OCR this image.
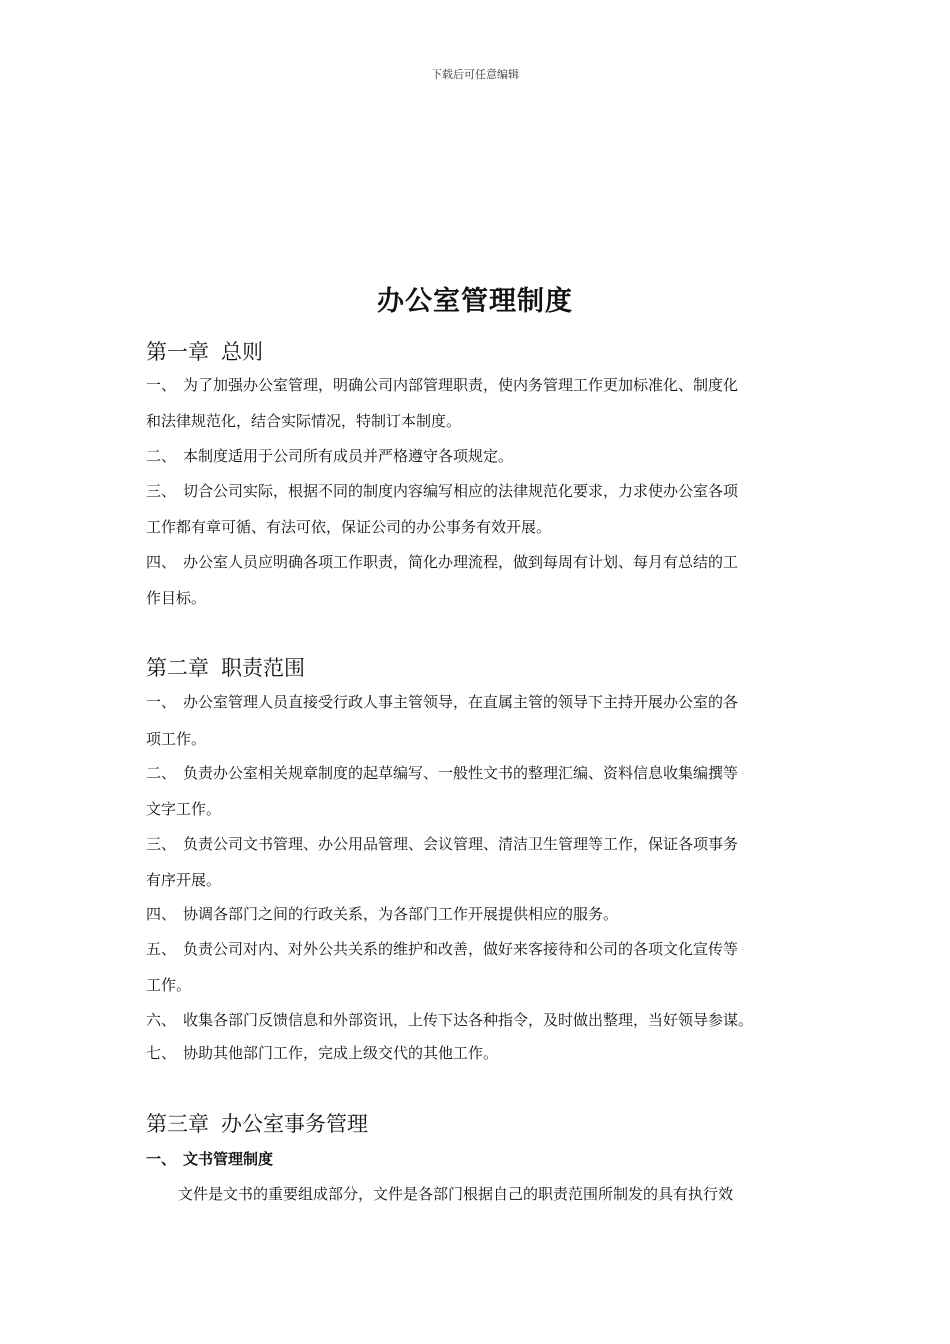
下载后可任意编辑
办公室管理制度
第一章 总则
一、 为了加强办公室管理，明确公司内部管理职责，使内务管理工作更加标准化、制度化
和法律规范化，结合实际情况，特制订本制度。
二、 本制度适用于公司所有成员并严格遵守各项规定。
三、 切合公司实际，根据不同的制度内容编写相应的法律规范化要求，力求使办公室各项
工作都有章可循、有法可依，保证公司的办公事务有效开展。
四、 办公室人员应明确各项工作职责，简化办理流程，做到每周有计划、每月有总结的工
作目标。
第二章 职责范围
一、 办公室管理人员直接受行政人事主管领导，在直属主管的领导下主持开展办公室的各
项工作。
二、 负责办公室相关规章制度的起草编写、一般性文书的整理汇编、资料信息收集编撰等
文字工作。
三、 负责公司文书管理、办公用品管理、会议管理、清洁卫生管理等工作，保证各项事务
有序开展。
四、 协调各部门之间的行政关系，为各部门工作开展提供相应的服务。
五、 负责公司对内、对外公共关系的维护和改善，做好来客接待和公司的各项文化宣传等
工作。
六、 收集各部门反馈信息和外部资讯，上传下达各种指令，及时做出整理，当好领导参谋。
七、 协助其他部门工作，完成上级交代的其他工作。
第三章 办公室事务管理
一、 文书管理制度
文件是文书的重要组成部分，文件是各部门根据自己的职责范围所制发的具有执行效
